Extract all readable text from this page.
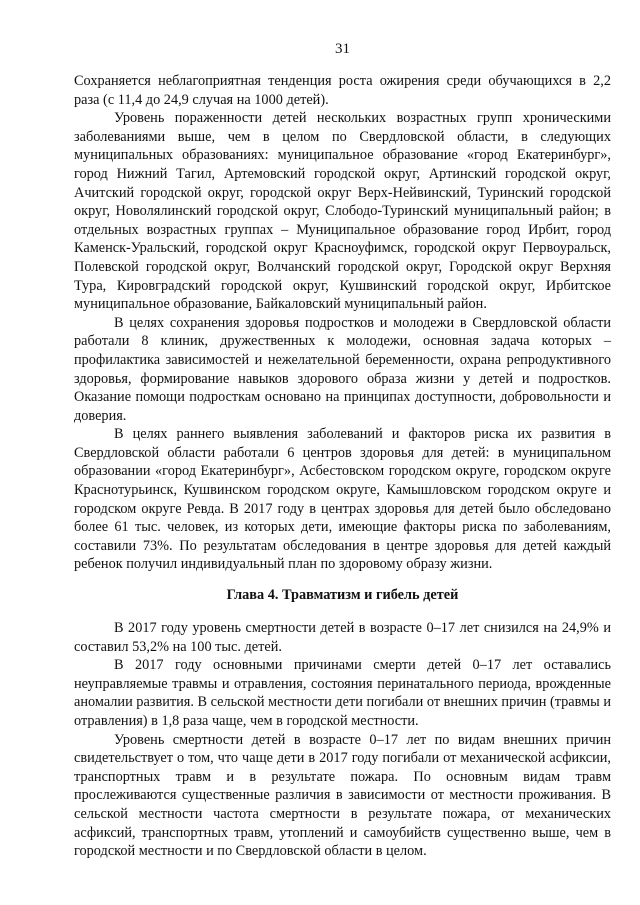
31

Сохраняется неблагоприятная тенденция роста ожирения среди обучающихся в 2,2 раза (с 11,4 до 24,9 случая на 1000 детей).

Уровень пораженности детей нескольких возрастных групп хроническими заболеваниями выше, чем в целом по Свердловской области, в следующих муниципальных образованиях: муниципальное образование «город Екатеринбург», город Нижний Тагил, Артемовский городской округ, Артинский городской округ, Ачитский городской округ, городской округ Верх-Нейвинский, Туринский городской округ, Новолялинский городской округ, Слободо-Туринский муниципальный район; в отдельных возрастных группах – Муниципальное образование город Ирбит, город Каменск-Уральский, городской округ Красноуфимск, городской округ Первоуральск, Полевской городской округ, Волчанский городской округ, Городской округ Верхняя Тура, Кировградский городской округ, Кушвинский городской округ, Ирбитское муниципальное образование, Байкаловский муниципальный район.

В целях сохранения здоровья подростков и молодежи в Свердловской области работали 8 клиник, дружественных к молодежи, основная задача которых – профилактика зависимостей и нежелательной беременности, охрана репродуктивного здоровья, формирование навыков здорового образа жизни у детей и подростков. Оказание помощи подросткам основано на принципах доступности, добровольности и доверия.

В целях раннего выявления заболеваний и факторов риска их развития в Свердловской области работали 6 центров здоровья для детей: в муниципальном образовании «город Екатеринбург», Асбестовском городском округе, городском округе Краснотурьинск, Кушвинском городском округе, Камышловском городском округе и городском округе Ревда. В 2017 году в центрах здоровья для детей было обследовано более 61 тыс. человек, из которых дети, имеющие факторы риска по заболеваниям, составили 73%. По результатам обследования в центре здоровья для детей каждый ребенок получил индивидуальный план по здоровому образу жизни.

Глава 4. Травматизм и гибель детей

В 2017 году уровень смертности детей в возрасте 0–17 лет снизился на 24,9% и составил 53,2% на 100 тыс. детей.

В 2017 году основными причинами смерти детей 0–17 лет оставались неуправляемые травмы и отравления, состояния перинатального периода, врожденные аномалии развития. В сельской местности дети погибали от внешних причин (травмы и отравления) в 1,8 раза чаще, чем в городской местности.

Уровень смертности детей в возрасте 0–17 лет по видам внешних причин свидетельствует о том, что чаще дети в 2017 году погибали от механической асфиксии, транспортных травм и в результате пожара. По основным видам травм прослеживаются существенные различия в зависимости от местности проживания. В сельской местности частота смертности в результате пожара, от механических асфиксий, транспортных травм, утоплений и самоубийств существенно выше, чем в городской местности и по Свердловской области в целом.
